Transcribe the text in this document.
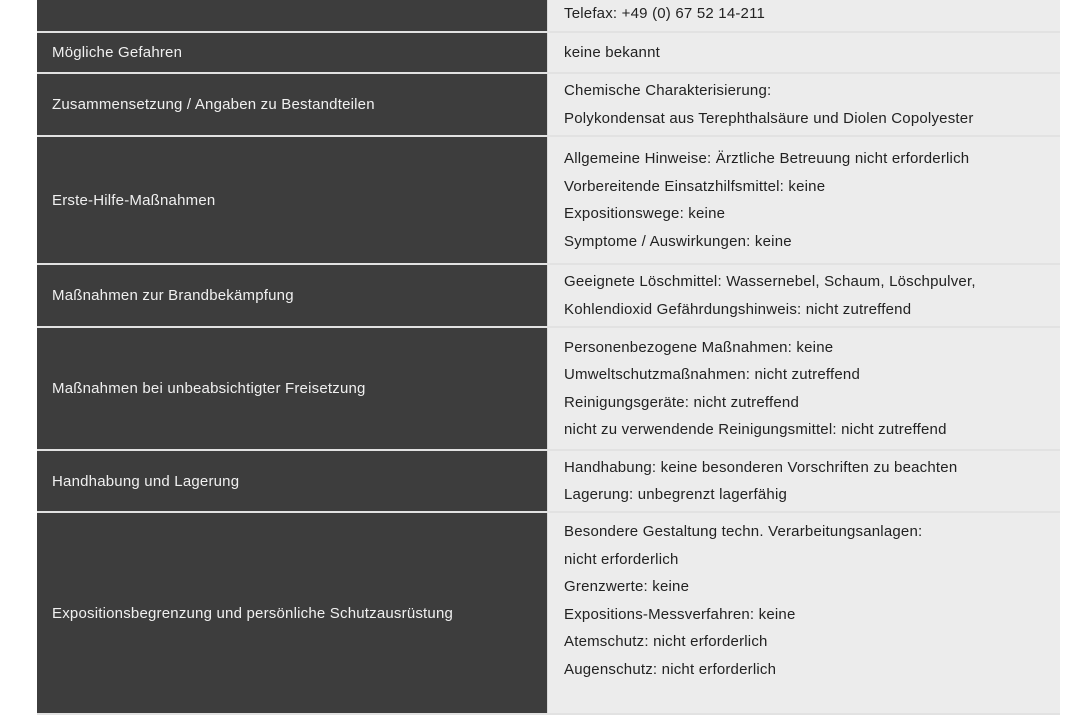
Telefax: +49 (0) 67 52 14-211
Mögliche Gefahren	keine bekannt
Zusammensetzung / Angaben zu Bestandteilen
Chemische Charakterisierung:
Polykondensat aus Terephthalsäure und Diolen Copolyester
Erste-Hilfe-Maßnahmen
Allgemeine Hinweise: Ärztliche Betreuung nicht erforderlich
Vorbereitende Einsatzhilfsmittel: keine
Expositionswege: keine
Symptome / Auswirkungen: keine
Maßnahmen zur Brandbekämpfung
Geeignete Löschmittel: Wassernebel, Schaum, Löschpulver,
Kohlendioxid Gefährdungshinweis: nicht zutreffend
Maßnahmen bei unbeabsichtigter Freisetzung
Personenbezogene Maßnahmen: keine
Umweltschutzmaßnahmen: nicht zutreffend
Reinigungsgeräte: nicht zutreffend
nicht zu verwendende Reinigungsmittel: nicht zutreffend
Handhabung und Lagerung
Handhabung: keine besonderen Vorschriften zu beachten
Lagerung: unbegrenzt lagerfähig
Expositionsbegrenzung und persönliche Schutzausrüstung
Besondere Gestaltung techn. Verarbeitungsanlagen:
nicht erforderlich
Grenzwerte: keine
Expositions-Messverfahren: keine
Atemschutz: nicht erforderlich
Augenschutz: nicht erforderlich
